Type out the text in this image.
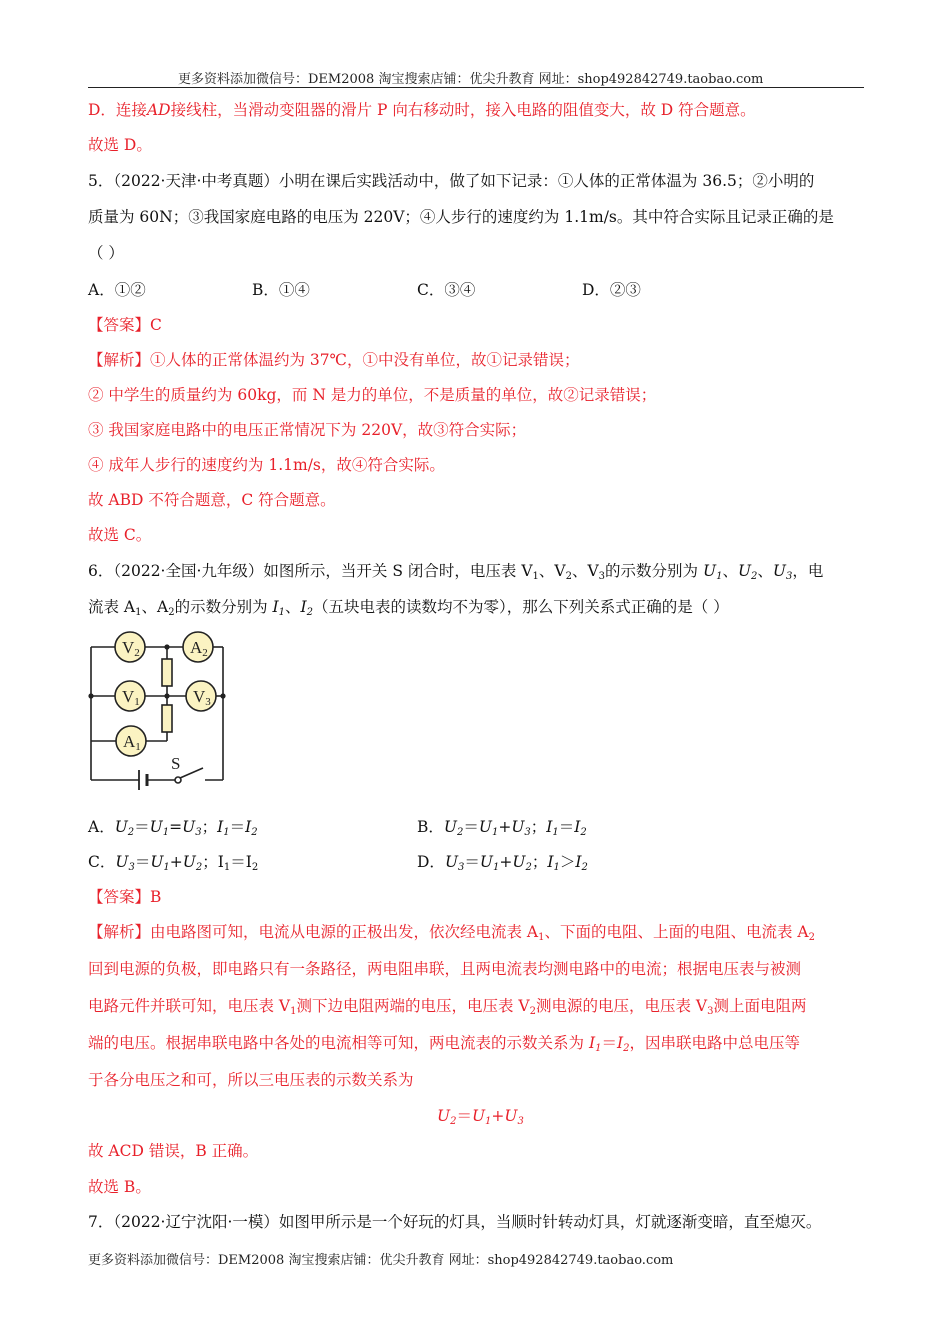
更多资料添加微信号：DEM2008 淘宝搜索店铺：优尖升教育 网址：shop492842749.taobao.com
D．连接AD接线柱，当滑动变阻器的滑片 P 向右移动时，接入电路的阻值变大，故 D 符合题意。
故选 D。
5．（2022·天津·中考真题）小明在课后实践活动中，做了如下记录：①人体的正常体温为 36.5；②小明的
质量为 60N；③我国家庭电路的电压为 220V；④人步行的速度约为 1.1m/s。其中符合实际且记录正确的是
（ ）
A．①②	B．①④	C．③④	D．②③
【答案】C
【解析】①人体的正常体温约为 37℃，①中没有单位，故①记录错误；
② 中学生的质量约为 60kg，而 N 是力的单位，不是质量的单位，故②记录错误；
③ 我国家庭电路中的电压正常情况下为 220V，故③符合实际；
④ 成年人步行的速度约为 1.1m/s，故④符合实际。
故 ABD 不符合题意，C 符合题意。
故选 C。
6．（2022·全国·九年级）如图所示，当开关 S 闭合时，电压表 $V_1$、$V_2$、$V_3$的示数分别为 $U_1$、$U_2$、$U_3$，电
流表 $A_1$、$A_2$的示数分别为 $I_1$、$I_2$（五块电表的读数均不为零），那么下列关系式正确的是（ ）
V2	A2
V1	V3
A1
S
A．$U_2=U_1=U_3$；$I_1=I_2$	B．$U_2=U_1+U_3$；$I_1=I_2$
C．$U_3=U_1+U_2$；$I_1=I_2$	D．$U_3=U_1+U_2$；$I_1>I_2$
【答案】B
【解析】由电路图可知，电流从电源的正极出发，依次经电流表 $A_1$、下面的电阻、上面的电阻、电流表 $A_2$
回到电源的负极，即电路只有一条路径，两电阻串联，且两电流表均测电路中的电流；根据电压表与被测
电路元件并联可知，电压表 $V_1$测下边电阻两端的电压，电压表 $V_2$测电源的电压，电压表 $V_3$测上面电阻两
端的电压。根据串联电路中各处的电流相等可知，两电流表的示数关系为 $I_1=I_2$，因串联电路中总电压等
于各分电压之和可，所以三电压表的示数关系为
$U_2=U_1+U_3$
故 ACD 错误，B 正确。
故选 B。
7．（2022·辽宁沈阳·一模）如图甲所示是一个好玩的灯具，当顺时针转动灯具，灯就逐渐变暗，直至熄灭。
更多资料添加微信号：DEM2008 淘宝搜索店铺：优尖升教育 网址：shop492842749.taobao.com
